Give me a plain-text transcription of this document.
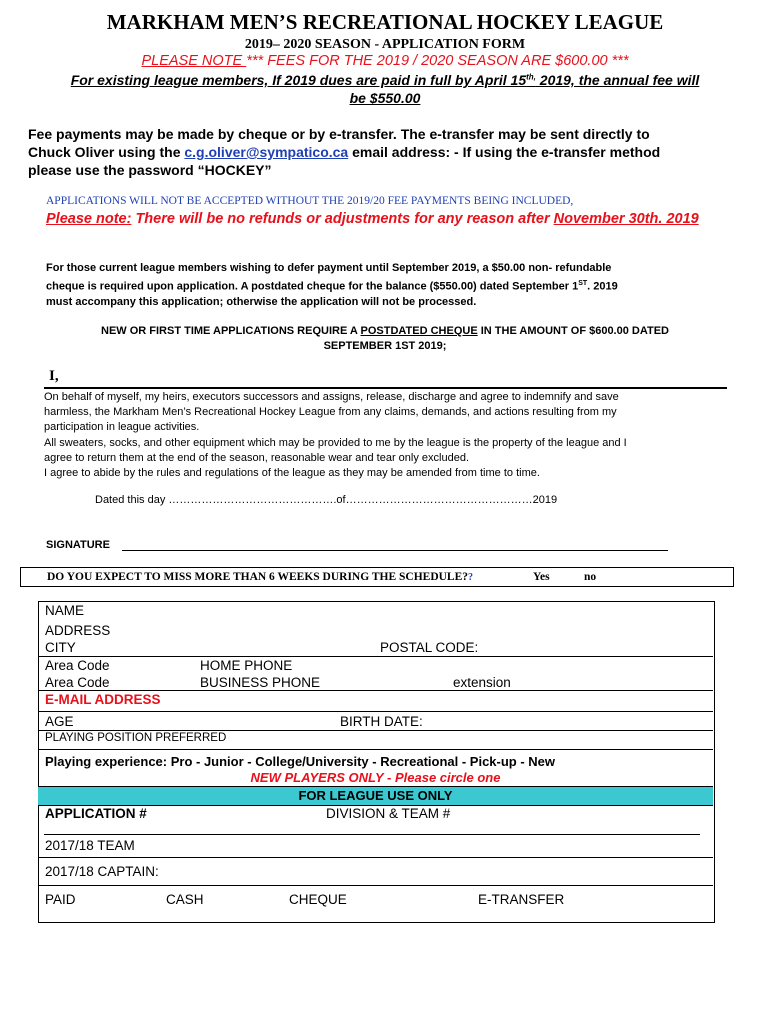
MARKHAM MEN’S RECREATIONAL HOCKEY LEAGUE
2019– 2020 SEASON - APPLICATION FORM
PLEASE NOTE *** FEES FOR THE 2019 / 2020 SEASON ARE $600.00 ***
For existing league members, If 2019 dues are paid in full by April $15^{th,}$ 2019, the annual fee will
be $550.00
Fee payments may be made by cheque or by e-transfer. The e-transfer may be sent directly to
Chuck Oliver using the c.g.oliver@sympatico.ca email address: - If using the e-transfer method
please use the password “HOCKEY”
APPLICATIONS WILL NOT BE ACCEPTED WITHOUT THE 2019/20 FEE PAYMENTS BEING INCLUDED,
Please note: There will be no refunds or adjustments for any reason after November 30th. 2019
For those current league members wishing to defer payment until September 2019, a $50.00 non- refundable
cheque is required upon application. A postdated cheque for the balance ($550.00) dated September 1ST. 2019
must accompany this application; otherwise the application will not be processed.
NEW OR FIRST TIME APPLICATIONS REQUIRE A POSTDATED CHEQUE IN THE AMOUNT OF $600.00 DATED
SEPTEMBER 1ST 2019;
I,
On behalf of myself, my heirs, executors successors and assigns, release, discharge and agree to indemnify and save
harmless, the Markham Men’s Recreational Hockey League from any claims, demands, and actions resulting from my
participation in league activities.
All sweaters, socks, and other equipment which may be provided to me by the league is the property of the league and I
agree to return them at the end of the season, reasonable wear and tear only excluded.
I agree to abide by the rules and regulations of the league as they may be amended from time to time.
Dated this day ……………………………………….of……………………………………………2019
SIGNATURE
DO YOU EXPECT TO MISS MORE THAN 6 WEEKS DURING THE SCHEDULE??	Yes	no
NAME
ADDRESS
CITY	POSTAL CODE:
Area Code	HOME PHONE
Area Code	BUSINESS PHONE	extension
E-MAIL ADDRESS
AGE	BIRTH DATE:
PLAYING POSITION PREFERRED
Playing experience: Pro - Junior - College/University - Recreational - Pick-up - New
NEW PLAYERS ONLY - Please circle one
FOR LEAGUE USE ONLY
APPLICATION #	DIVISION & TEAM #
2017/18 TEAM
2017/18 CAPTAIN:
PAID	CASH	CHEQUE	E-TRANSFER
